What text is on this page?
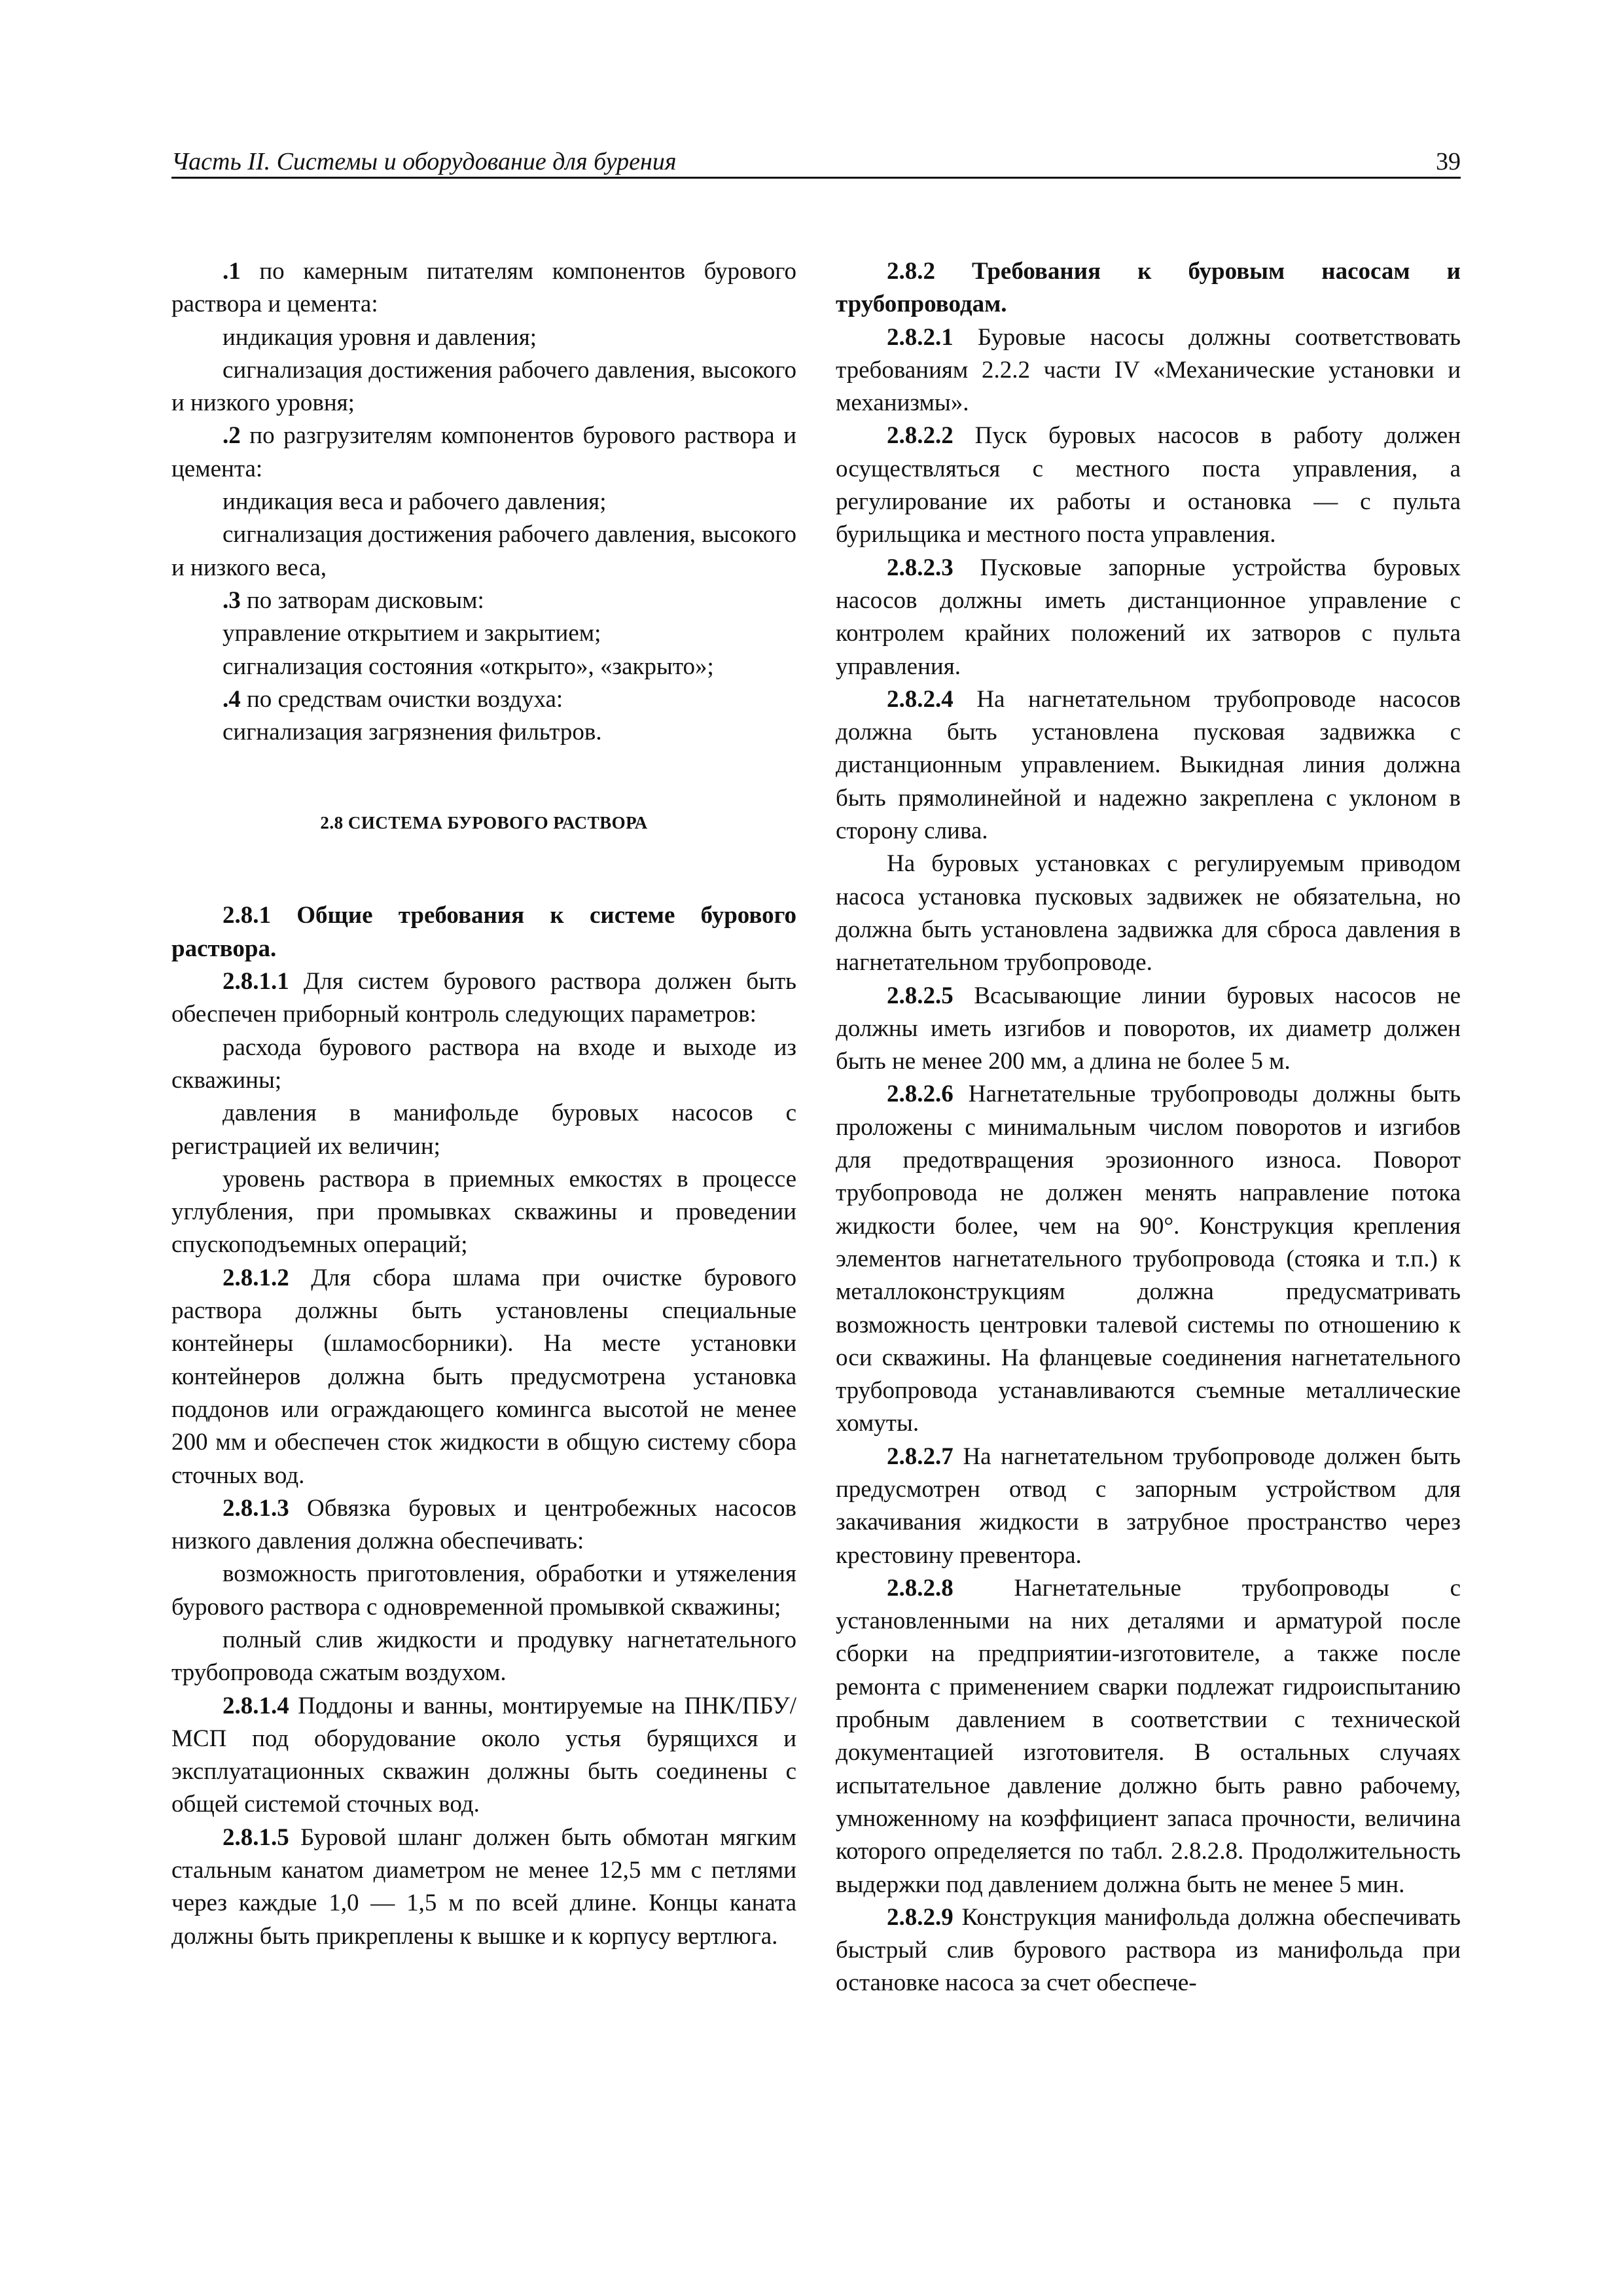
Часть II. Системы и оборудование для бурения	39

.1 по камерным питателям компонентов бурового раствора и цемента:

индикация уровня и давления;

сигнализация достижения рабочего давления, высокого и низкого уровня;

.2 по разгрузителям компонентов бурового раствора и цемента:

индикация веса и рабочего давления;

сигнализация достижения рабочего давления, высокого и низкого веса,

.3 по затворам дисковым:

управление открытием и закрытием;

сигнализация состояния «открыто», «закрыто»;

.4 по средствам очистки воздуха:

сигнализация загрязнения фильтров.

2.8 СИСТЕМА БУРОВОГО РАСТВОРА

2.8.1 Общие требования к системе бурового раствора.

2.8.1.1 Для систем бурового раствора должен быть обеспечен приборный контроль следующих параметров:

расхода бурового раствора на входе и выходе из скважины;

давления в манифольде буровых насосов с регистрацией их величин;

уровень раствора в приемных емкостях в процессе углубления, при промывках скважины и проведении спускоподъемных операций;

2.8.1.2 Для сбора шлама при очистке бурового раствора должны быть установлены специальные контейнеры (шламосборники). На месте установки контейнеров должна быть предусмотрена установка поддонов или ограждающего комингса высотой не менее 200 мм и обеспечен сток жидкости в общую систему сбора сточных вод.

2.8.1.3 Обвязка буровых и центробежных насосов низкого давления должна обеспечивать:

возможность приготовления, обработки и утяжеления бурового раствора с одновременной промывкой скважины;

полный слив жидкости и продувку нагнетательного трубопровода сжатым воздухом.

2.8.1.4 Поддоны и ванны, монтируемые на ПНК/ПБУ/МСП под оборудование около устья бурящихся и эксплуатационных скважин должны быть соединены с общей системой сточных вод.

2.8.1.5 Буровой шланг должен быть обмотан мягким стальным канатом диаметром не менее 12,5 мм с петлями через каждые 1,0 — 1,5 м по всей длине. Концы каната должны быть прикреплены к вышке и к корпусу вертлюга.

2.8.2 Требования к буровым насосам и трубопроводам.

2.8.2.1 Буровые насосы должны соответствовать требованиям 2.2.2 части IV «Механические установки и механизмы».

2.8.2.2 Пуск буровых насосов в работу должен осуществляться с местного поста управления, а регулирование их работы и остановка — с пульта бурильщика и местного поста управления.

2.8.2.3 Пусковые запорные устройства буровых насосов должны иметь дистанционное управление с контролем крайних положений их затворов с пульта управления.

2.8.2.4 На нагнетательном трубопроводе насосов должна быть установлена пусковая задвижка с дистанционным управлением. Выкидная линия должна быть прямолинейной и надежно закреплена с уклоном в сторону слива.

На буровых установках с регулируемым приводом насоса установка пусковых задвижек не обязательна, но должна быть установлена задвижка для сброса давления в нагнетательном трубопроводе.

2.8.2.5 Всасывающие линии буровых насосов не должны иметь изгибов и поворотов, их диаметр должен быть не менее 200 мм, а длина не более 5 м.

2.8.2.6 Нагнетательные трубопроводы должны быть проложены с минимальным числом поворотов и изгибов для предотвращения эрозионного износа. Поворот трубопровода не должен менять направление потока жидкости более, чем на 90°. Конструкция крепления элементов нагнетательного трубопровода (стояка и т.п.) к металлоконструкциям должна предусматривать возможность центровки талевой системы по отношению к оси скважины. На фланцевые соединения нагнетательного трубопровода устанавливаются съемные металлические хомуты.

2.8.2.7 На нагнетательном трубопроводе должен быть предусмотрен отвод с запорным устройством для закачивания жидкости в затрубное пространство через крестовину превентора.

2.8.2.8 Нагнетательные трубопроводы с установленными на них деталями и арматурой после сборки на предприятии-изготовителе, а также после ремонта с применением сварки подлежат гидроиспытанию пробным давлением в соответствии с технической документацией изготовителя. В остальных случаях испытательное давление должно быть равно рабочему, умноженному на коэффициент запаса прочности, величина которого определяется по табл. 2.8.2.8. Продолжительность выдержки под давлением должна быть не менее 5 мин.

2.8.2.9 Конструкция манифольда должна обеспечивать быстрый слив бурового раствора из манифольда при остановке насоса за счет обеспече-
